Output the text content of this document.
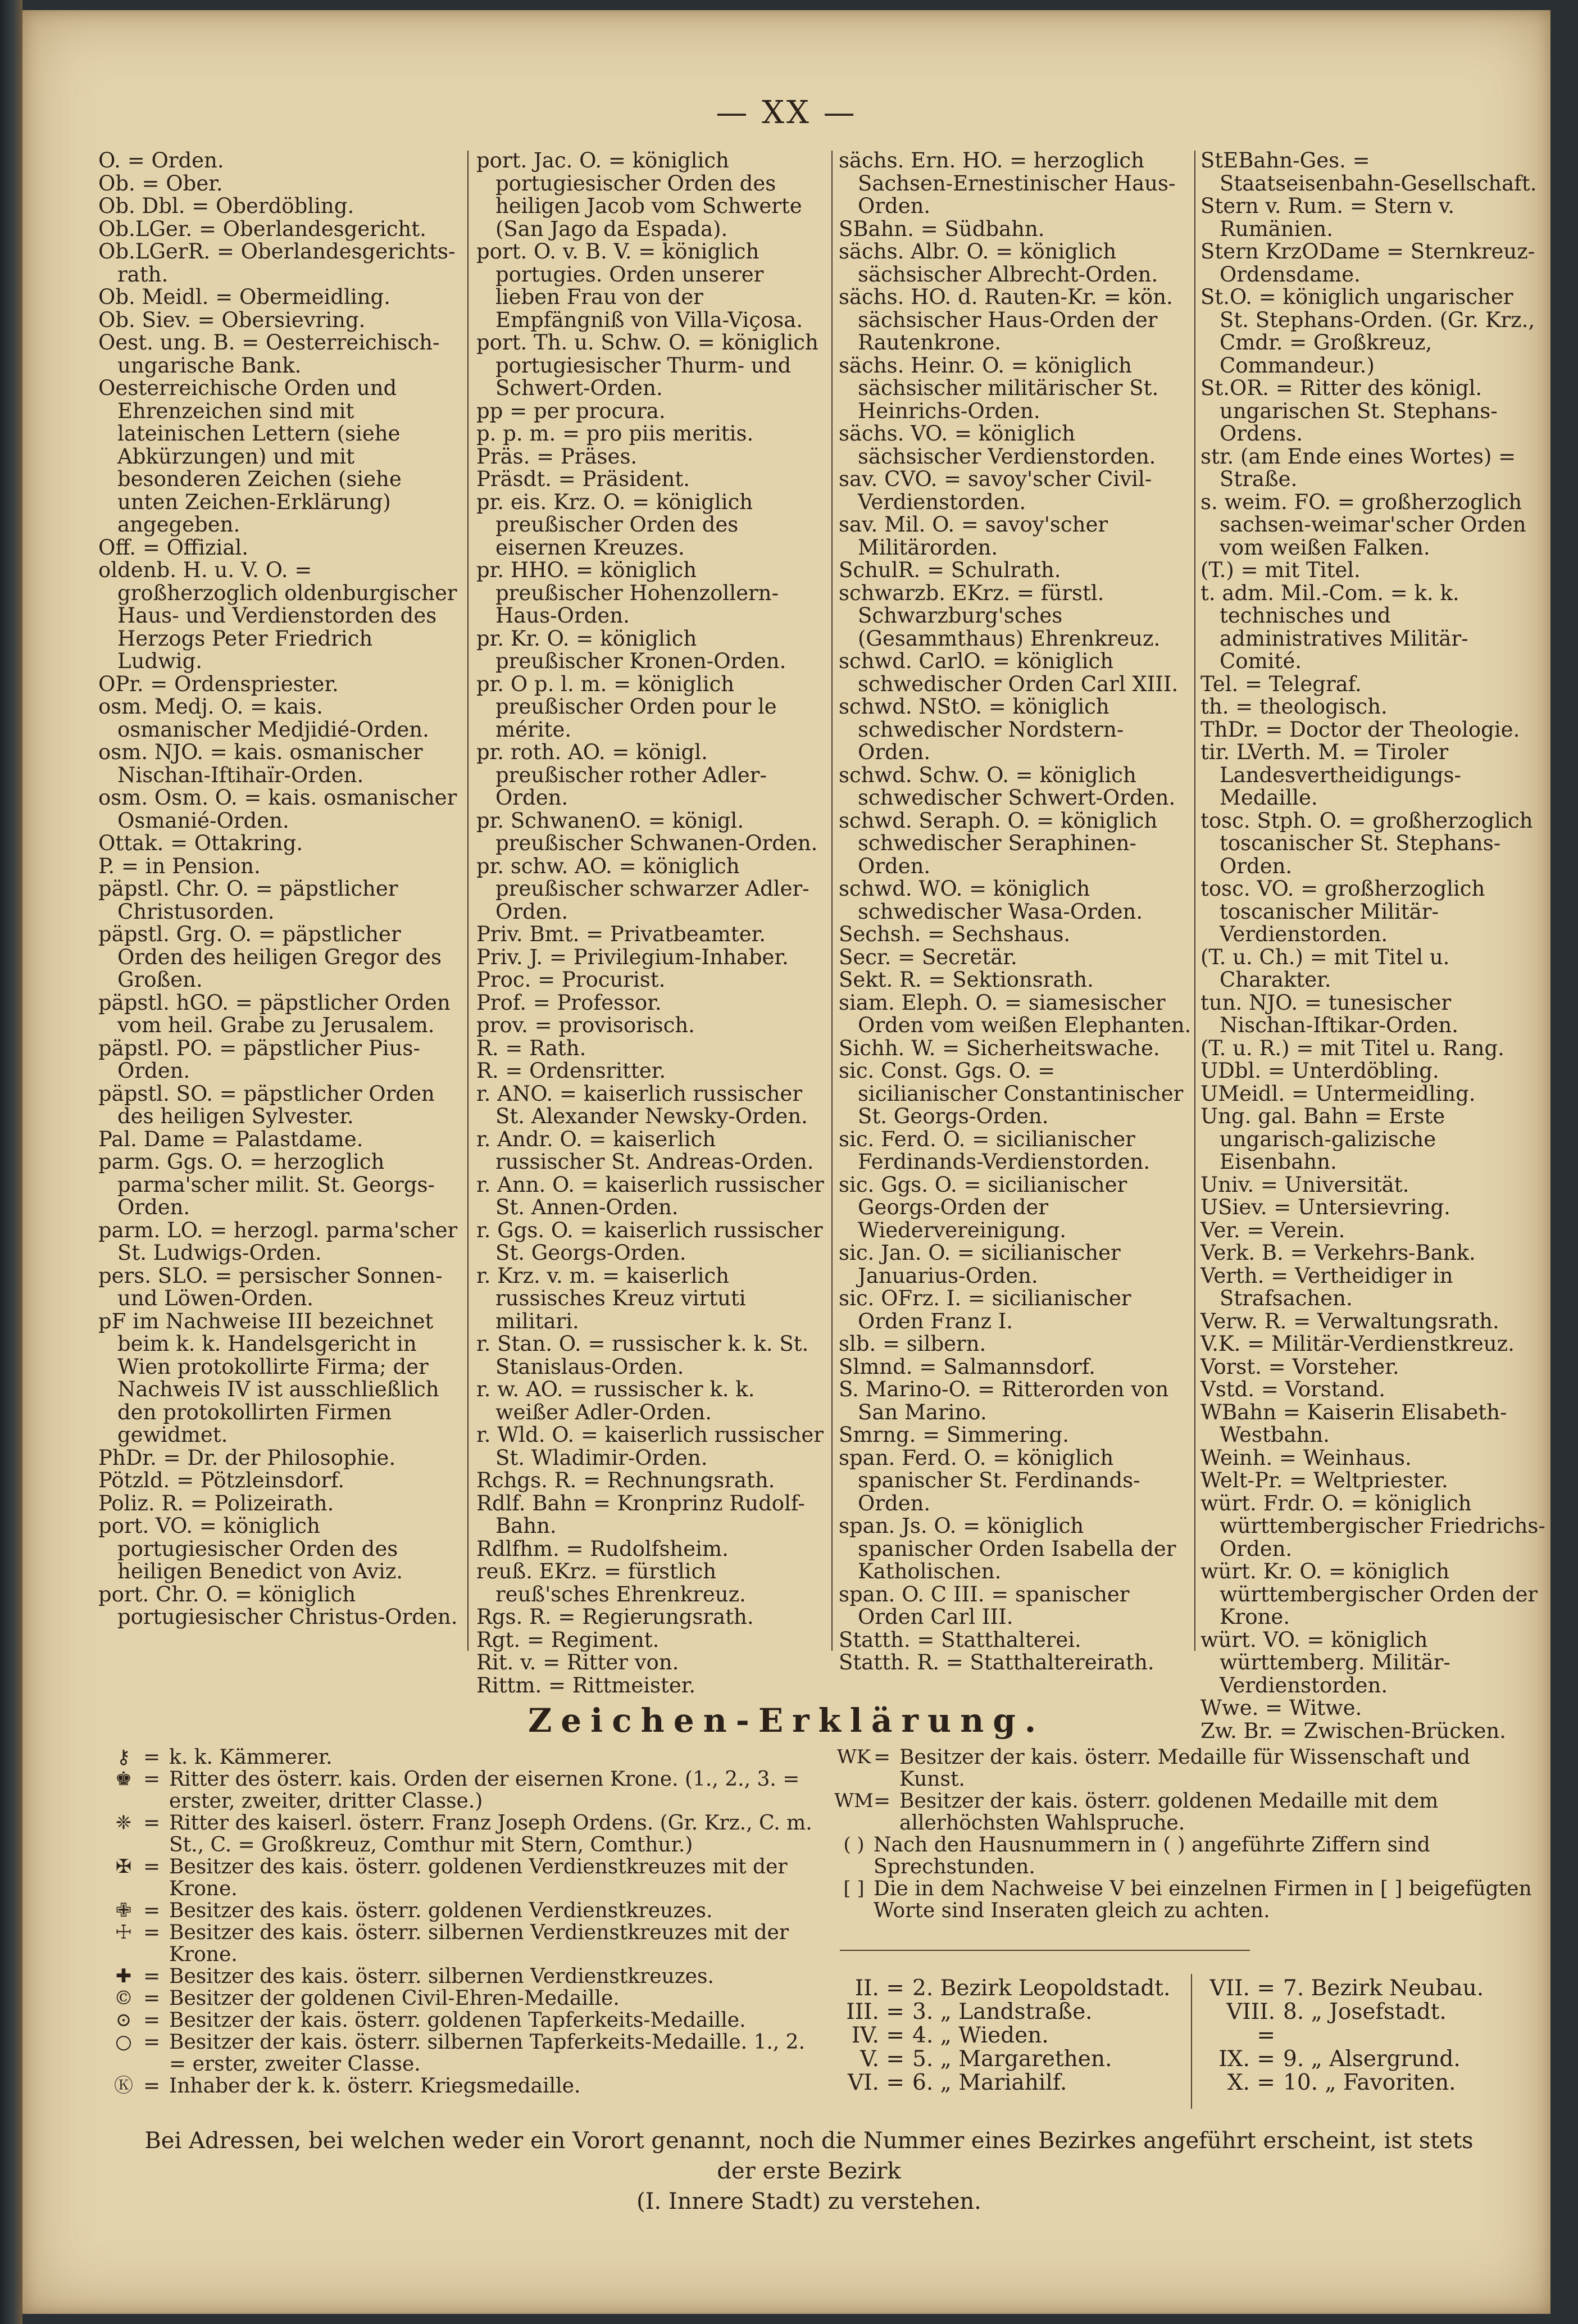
— XX —

O. = Orden.

Ob. = Ober.

Ob. Dbl. = Oberdöbling.

Ob.LGer. = Oberlandesgericht.

Ob.LGerR. = Oberlandesgerichts-rath.

Ob. Meidl. = Obermeidling.

Ob. Siev. = Obersievring.

Oest. ung. B. = Oesterreichisch-ungarische Bank.

Oesterreichische Orden und Ehrenzeichen sind mit lateinischen Lettern (siehe Abkürzungen) und mit besonderen Zeichen (siehe unten Zeichen-Erklärung) angegeben.

Off. = Offizial.

oldenb. H. u. V. O. = großherzoglich oldenburgischer Haus- und Verdienstorden des Herzogs Peter Friedrich Ludwig.

OPr. = Ordenspriester.

osm. Medj. O. = kais. osmanischer Medjidié-Orden.

osm. NJO. = kais. osmanischer Nischan-Iftihaïr-Orden.

osm. Osm. O. = kais. osmanischer Osmanié-Orden.

Ottak. = Ottakring.

P. = in Pension.

päpstl. Chr. O. = päpstlicher Christusorden.

päpstl. Grg. O. = päpstlicher Orden des heiligen Gregor des Großen.

päpstl. hGO. = päpstlicher Orden vom heil. Grabe zu Jerusalem.

päpstl. PO. = päpstlicher Pius-Orden.

päpstl. SO. = päpstlicher Orden des heiligen Sylvester.

Pal. Dame = Palastdame.

parm. Ggs. O. = herzoglich parma'scher milit. St. Georgs-Orden.

parm. LO. = herzogl. parma'scher St. Ludwigs-Orden.

pers. SLO. = persischer Sonnen- und Löwen-Orden.

pF im Nachweise III bezeichnet beim k. k. Handelsgericht in Wien protokollirte Firma; der Nachweis IV ist ausschließlich den protokollirten Firmen gewidmet.

PhDr. = Dr. der Philosophie.

Pötzld. = Pötzleinsdorf.

Poliz. R. = Polizeirath.

port. VO. = königlich portugiesischer Orden des heiligen Benedict von Aviz.

port. Chr. O. = königlich portugiesischer Christus-Orden.

port. Jac. O. = königlich portugiesischer Orden des heiligen Jacob vom Schwerte (San Jago da Espada).

port. O. v. B. V. = königlich portugies. Orden unserer lieben Frau von der Empfängniß von Villa-Viçosa.

port. Th. u. Schw. O. = königlich portugiesischer Thurm- und Schwert-Orden.

pp = per procura.

p. p. m. = pro piis meritis.

Präs. = Präses.

Präsdt. = Präsident.

pr. eis. Krz. O. = königlich preußischer Orden des eisernen Kreuzes.

pr. HHO. = königlich preußischer Hohenzollern-Haus-Orden.

pr. Kr. O. = königlich preußischer Kronen-Orden.

pr. O p. l. m. = königlich preußischer Orden pour le mérite.

pr. roth. AO. = königl. preußischer rother Adler-Orden.

pr. SchwanenO. = königl. preußischer Schwanen-Orden.

pr. schw. AO. = königlich preußischer schwarzer Adler-Orden.

Priv. Bmt. = Privatbeamter.

Priv. J. = Privilegium-Inhaber.

Proc. = Procurist.

Prof. = Professor.

prov. = provisorisch.

R. = Rath.

R. = Ordensritter.

r. ANO. = kaiserlich russischer St. Alexander Newsky-Orden.

r. Andr. O. = kaiserlich russischer St. Andreas-Orden.

r. Ann. O. = kaiserlich russischer St. Annen-Orden.

r. Ggs. O. = kaiserlich russischer St. Georgs-Orden.

r. Krz. v. m. = kaiserlich russisches Kreuz virtuti militari.

r. Stan. O. = russischer k. k. St. Stanislaus-Orden.

r. w. AO. = russischer k. k. weißer Adler-Orden.

r. Wld. O. = kaiserlich russischer St. Wladimir-Orden.

Rchgs. R. = Rechnungsrath.

Rdlf. Bahn = Kronprinz Rudolf-Bahn.

Rdlfhm. = Rudolfsheim.

reuß. EKrz. = fürstlich reuß'sches Ehrenkreuz.

Rgs. R. = Regierungsrath.

Rgt. = Regiment.

Rit. v. = Ritter von.

Rittm. = Rittmeister.

sächs. Ern. HO. = herzoglich Sachsen-Ernestinischer Haus-Orden.

SBahn. = Südbahn.

sächs. Albr. O. = königlich sächsischer Albrecht-Orden.

sächs. HO. d. Rauten-Kr. = kön. sächsischer Haus-Orden der Rautenkrone.

sächs. Heinr. O. = königlich sächsischer militärischer St. Heinrichs-Orden.

sächs. VO. = königlich sächsischer Verdienstorden.

sav. CVO. = savoy'scher Civil-Verdienstorden.

sav. Mil. O. = savoy'scher Militärorden.

SchulR. = Schulrath.

schwarzb. EKrz. = fürstl. Schwarzburg'sches (Gesammthaus) Ehrenkreuz.

schwd. CarlO. = königlich schwedischer Orden Carl XIII.

schwd. NStO. = königlich schwedischer Nordstern-Orden.

schwd. Schw. O. = königlich schwedischer Schwert-Orden.

schwd. Seraph. O. = königlich schwedischer Seraphinen-Orden.

schwd. WO. = königlich schwedischer Wasa-Orden.

Sechsh. = Sechshaus.

Secr. = Secretär.

Sekt. R. = Sektionsrath.

siam. Eleph. O. = siamesischer Orden vom weißen Elephanten.

Sichh. W. = Sicherheitswache.

sic. Const. Ggs. O. = sicilianischer Constantinischer St. Georgs-Orden.

sic. Ferd. O. = sicilianischer Ferdinands-Verdienstorden.

sic. Ggs. O. = sicilianischer Georgs-Orden der Wiedervereinigung.

sic. Jan. O. = sicilianischer Januarius-Orden.

sic. OFrz. I. = sicilianischer Orden Franz I.

slb. = silbern.

Slmnd. = Salmannsdorf.

S. Marino-O. = Ritterorden von San Marino.

Smrng. = Simmering.

span. Ferd. O. = königlich spanischer St. Ferdinands-Orden.

span. Js. O. = königlich spanischer Orden Isabella der Katholischen.

span. O. C III. = spanischer Orden Carl III.

Statth. = Statthalterei.

Statth. R. = Statthaltereirath.

StEBahn-Ges. = Staatseisenbahn-Gesellschaft.

Stern v. Rum. = Stern v. Rumänien.

Stern KrzODame = Sternkreuz-Ordensdame.

St.O. = königlich ungarischer St. Stephans-Orden. (Gr. Krz., Cmdr. = Großkreuz, Commandeur.)

St.OR. = Ritter des königl. ungarischen St. Stephans-Ordens.

str. (am Ende eines Wortes) = Straße.

s. weim. FO. = großherzoglich sachsen-weimar'scher Orden vom weißen Falken.

(T.) = mit Titel.

t. adm. Mil.-Com. = k. k. technisches und administratives Militär-Comité.

Tel. = Telegraf.

th. = theologisch.

ThDr. = Doctor der Theologie.

tir. LVerth. M. = Tiroler Landesvertheidigungs-Medaille.

tosc. Stph. O. = großherzoglich toscanischer St. Stephans-Orden.

tosc. VO. = großherzoglich toscanischer Militär-Verdienstorden.

(T. u. Ch.) = mit Titel u. Charakter.

tun. NJO. = tunesischer Nischan-Iftikar-Orden.

(T. u. R.) = mit Titel u. Rang.

UDbl. = Unterdöbling.

UMeidl. = Untermeidling.

Ung. gal. Bahn = Erste ungarisch-galizische Eisenbahn.

Univ. = Universität.

USiev. = Untersievring.

Ver. = Verein.

Verk. B. = Verkehrs-Bank.

Verth. = Vertheidiger in Strafsachen.

Verw. R. = Verwaltungsrath.

V.K. = Militär-Verdienstkreuz.

Vorst. = Vorsteher.

Vstd. = Vorstand.

WBahn = Kaiserin Elisabeth-Westbahn.

Weinh. = Weinhaus.

Welt-Pr. = Weltpriester.

würt. Frdr. O. = königlich württembergischer Friedrichs-Orden.

würt. Kr. O. = königlich württembergischer Orden der Krone.

würt. VO. = königlich württemberg. Militär-Verdienstorden.

Wwe. = Witwe.

Zw. Br. = Zwischen-Brücken.

Zeichen-Erklärung.
⚷ = k. k. Kämmerer.
♚ = Ritter des österr. kais. Orden der eisernen Krone. (1., 2., 3. = erster, zweiter, dritter Classe.)
❈ = Ritter des kaiserl. österr. Franz Joseph Ordens. (Gr. Krz., C. m. St., C. = Großkreuz, Comthur mit Stern, Comthur.)
✠ = Besitzer des kais. österr. goldenen Verdienstkreuzes mit der Krone.
✙ = Besitzer des kais. österr. goldenen Verdienstkreuzes.
☩ = Besitzer des kais. österr. silbernen Verdienstkreuzes mit der Krone.
✚ = Besitzer des kais. österr. silbernen Verdienstkreuzes.
© = Besitzer der goldenen Civil-Ehren-Medaille.
⊙ = Besitzer der kais. österr. goldenen Tapferkeits-Medaille.
○ = Besitzer der kais. österr. silbernen Tapferkeits-Medaille. 1., 2. = erster, zweiter Classe.
Ⓚ = Inhaber der k. k. österr. Kriegsmedaille.
WK = Besitzer der kais. österr. Medaille für Wissenschaft und Kunst.
WM = Besitzer der kais. österr. goldenen Medaille mit dem allerhöchsten Wahlspruche.
( ) Nach den Hausnummern in ( ) angeführte Ziffern sind Sprechstunden.
[ ] Die in dem Nachweise V bei einzelnen Firmen in [ ] beigefügten Worte sind Inseraten gleich zu achten.
II. = 2. Bezirk Leopoldstadt.
III. = 3. „ Landstraße.
IV. = 4. „ Wieden.
V. = 5. „ Margarethen.
VI. = 6. „ Mariahilf.
VII. = 7. Bezirk Neubau.
VIII. =
8. „ Josefstadt.
IX. = 9. „ Alsergrund.
X. = 10. „ Favoriten.
Bei Adressen, bei welchen weder ein Vorort genannt, noch die Nummer eines Bezirkes angeführt erscheint, ist stets der erste Bezirk
(I. Innere Stadt) zu verstehen.
